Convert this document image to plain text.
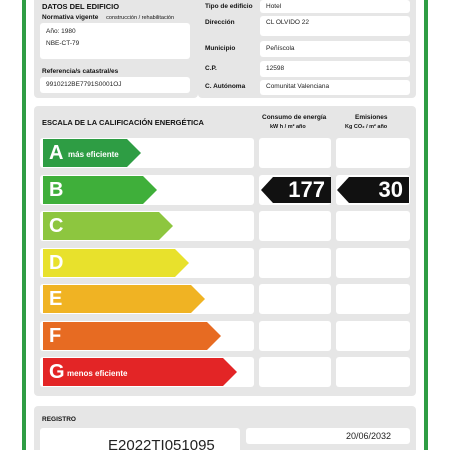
DATOS DEL EDIFICIO
Normativa vigente construcción / rehabilitación
Año: 1980
NBE-CT-79
Referencia/s catastral/es
9910212BE7791S0001OJ
Tipo de edificio Hotel
Dirección	CL OLVIDO 22
Municipio	Peñíscola
C.P.	12598
C. Autónoma	Comunitat Valenciana
ESCALA DE LA CALIFICACIÓN ENERGÉTICA
Consumo de energía
kW h / m² año
Emisiones
Kg CO₂ / m² año
A más eficiente
B	177 30
C
D
E
F
G menos eficiente
REGISTRO
E2022TI051095
20/06/2032
